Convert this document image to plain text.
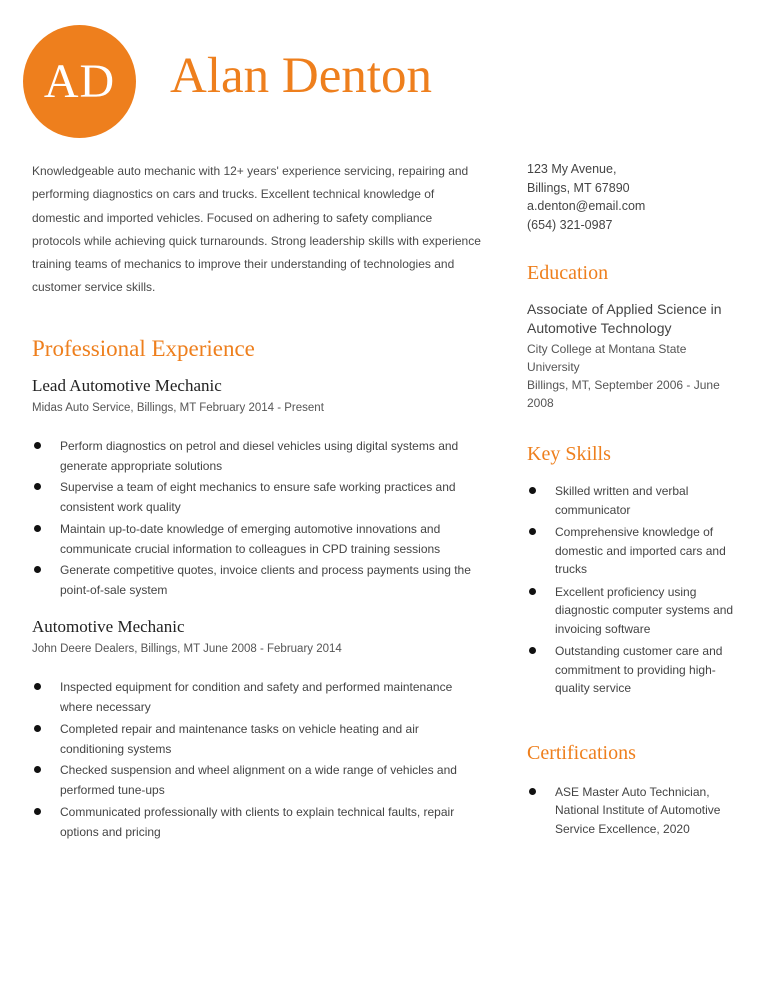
AD Alan Denton

Knowledgeable auto mechanic with 12+ years' experience servicing, repairing and performing diagnostics on cars and trucks. Excellent technical knowledge of domestic and imported vehicles. Focused on adhering to safety compliance protocols while achieving quick turnarounds. Strong leadership skills with experience training teams of mechanics to improve their understanding of technologies and customer service skills.

Professional Experience
Lead Automotive Mechanic
Midas Auto Service, Billings, MT February 2014 - Present
Perform diagnostics on petrol and diesel vehicles using digital systems and generate appropriate solutions
Supervise a team of eight mechanics to ensure safe working practices and consistent work quality
Maintain up-to-date knowledge of emerging automotive innovations and communicate crucial information to colleagues in CPD training sessions
Generate competitive quotes, invoice clients and process payments using the point-of-sale system
Automotive Mechanic
John Deere Dealers, Billings, MT June 2008 - February 2014
Inspected equipment for condition and safety and performed maintenance where necessary
Completed repair and maintenance tasks on vehicle heating and air conditioning systems
Checked suspension and wheel alignment on a wide range of vehicles and performed tune-ups
Communicated professionally with clients to explain technical faults, repair options and pricing
123 My Avenue,
Billings, MT 67890
a.denton@email.com
(654) 321-0987
Education
Associate of Applied Science in Automotive Technology
City College at Montana State University
Billings, MT, September 2006 - June 2008
Key Skills
Skilled written and verbal communicator
Comprehensive knowledge of domestic and imported cars and trucks
Excellent proficiency using diagnostic computer systems and invoicing software
Outstanding customer care and commitment to providing high-quality service
Certifications
ASE Master Auto Technician, National Institute of Automotive Service Excellence, 2020
